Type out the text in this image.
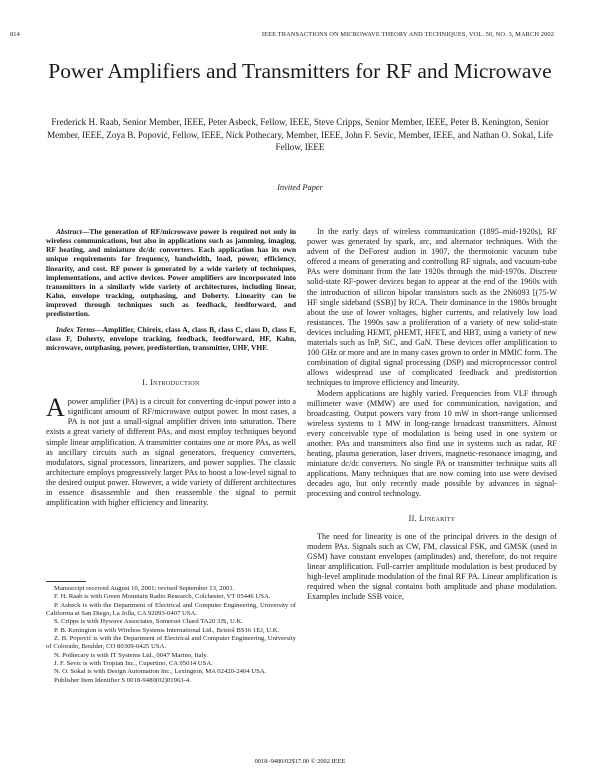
814	IEEE TRANSACTIONS ON MICROWAVE THEORY AND TECHNIQUES, VOL. 50, NO. 3, MARCH 2002
Power Amplifiers and Transmitters for RF and Microwave
Frederick H. Raab, Senior Member, IEEE, Peter Asbeck, Fellow, IEEE, Steve Cripps, Senior Member, IEEE, Peter B. Kenington, Senior Member, IEEE, Zoya B. Popović, Fellow, IEEE, Nick Pothecary, Member, IEEE, John F. Sevic, Member, IEEE, and Nathan O. Sokal, Life Fellow, IEEE
Invited Paper

Abstract—The generation of RF/microwave power is required not only in wireless communications, but also in applications such as jamming, imaging, RF heating, and miniature dc/dc converters. Each application has its own unique requirements for frequency, bandwidth, load, power, efficiency, linearity, and cost. RF power is generated by a wide variety of techniques, implementations, and active devices. Power amplifiers are incorporated into transmitters in a similarly wide variety of architectures, including linear, Kahn, envelope tracking, outphasing, and Doherty. Linearity can be improved through techniques such as feedback, feedforward, and predistortion.

Index Terms—Amplifier, Chireix, class A, class B, class C, class D, class E, class F, Doherty, envelope tracking, feedback, feedforward, HF, Kahn, microwave, outphasing, power, predistortion, transmitter, UHF, VHF.

I. Introduction

A power amplifier (PA) is a circuit for converting dc-input power into a significant amount of RF/microwave output power. In most cases, a PA is not just a small-signal amplifier driven into saturation. There exists a great variety of different PAs, and most employ techniques beyond simple linear amplification. A transmitter contains one or more PAs, as well as ancillary circuits such as signal generators, frequency converters, modulators, signal processors, linearizers, and power supplies. The classic architecture employs progressively larger PAs to boost a low-level signal to the desired output power. However, a wide variety of different architectures in essence disassemble and then reassemble the signal to permit amplification with higher efficiency and linearity.

Manuscript received August 10, 2001; revised September 13, 2001.

F. H. Raab is with Green Mountain Radio Research, Colchester, VT 05446 USA.

P. Asbeck is with the Department of Electrical and Computer Engineering, University of California at San Diego, La Jolla, CA 92093-0407 USA.

S. Cripps is with Hywave Associates, Somerset Chard TA20 3JS, U.K.

P. B. Kenington is with Wireless Systems International Ltd., Bristol BS16 1EJ, U.K.

Z. B. Popović is with the Department of Electrical and Computer Engineering, University of Colorado, Boulder, CO 80309-0425 USA.

N. Pothecary is with IT Systems Ltd., 0047 Marino, Italy.

J. F. Sevic is with Tropian Inc., Cupertino, CA 95014 USA.

N. O. Sokal is with Design Automation Inc., Lexington, MA 02420-2404 USA.

Publisher Item Identifier S 0018-9480(02)01963-4.

In the early days of wireless communication (1895–mid-1920s), RF power was generated by spark, arc, and alternator techniques. With the advent of the DeForest audion in 1907, the thermoionic vacuum tube offered a means of generating and controlling RF signals, and vacuum-tube PAs were dominant from the late 1920s through the mid-1970s. Discrete solid-state RF-power devices began to appear at the end of the 1960s with the introduction of silicon bipolar transistors such as the 2N6093 [(75-W HF single sideband (SSB)] by RCA. Their dominance in the 1980s brought about the use of lower voltages, higher currents, and relatively low load resistances. The 1990s saw a proliferation of a variety of new solid-state devices including HEMT, pHEMT, HFET, and HBT, using a variety of new materials such as InP, SiC, and GaN. These devices offer amplification to 100 GHz or more and are in many cases grown to order in MMIC form. The combination of digital signal processing (DSP) and microprocessor control allows widespread use of complicated feedback and predistortion techniques to improve efficiency and linearity.

Modern applications are highly varied. Frequencies from VLF through millimeter wave (MMW) are used for communication, navigation, and broadcasting. Output powers vary from 10 mW in short-range unlicensed wireless systems to 1 MW in long-range broadcast transmitters. Almost every conceivable type of modulation is being used in one system or another. PAs and transmitters also find use in systems such as radar, RF heating, plasma generation, laser drivers, magnetic-resonance imaging, and miniature dc/dc converters. No single PA or transmitter technique suits all applications. Many techniques that are now coming into use were devised decades ago, but only recently made possible by advances in signal-processing and control technology.

II. Linearity

The need for linearity is one of the principal drivers in the design of modern PAs. Signals such as CW, FM, classical FSK, and GMSK (used in GSM) have constant envelopes (amplitudes) and, therefore, do not require linear amplification. Full-carrier amplitude modulation is best produced by high-level amplitude modulation of the final RF PA. Linear amplification is required when the signal contains both amplitude and phase modulation. Examples include SSB voice,

0018–9480/02$17.00 © 2002 IEEE
